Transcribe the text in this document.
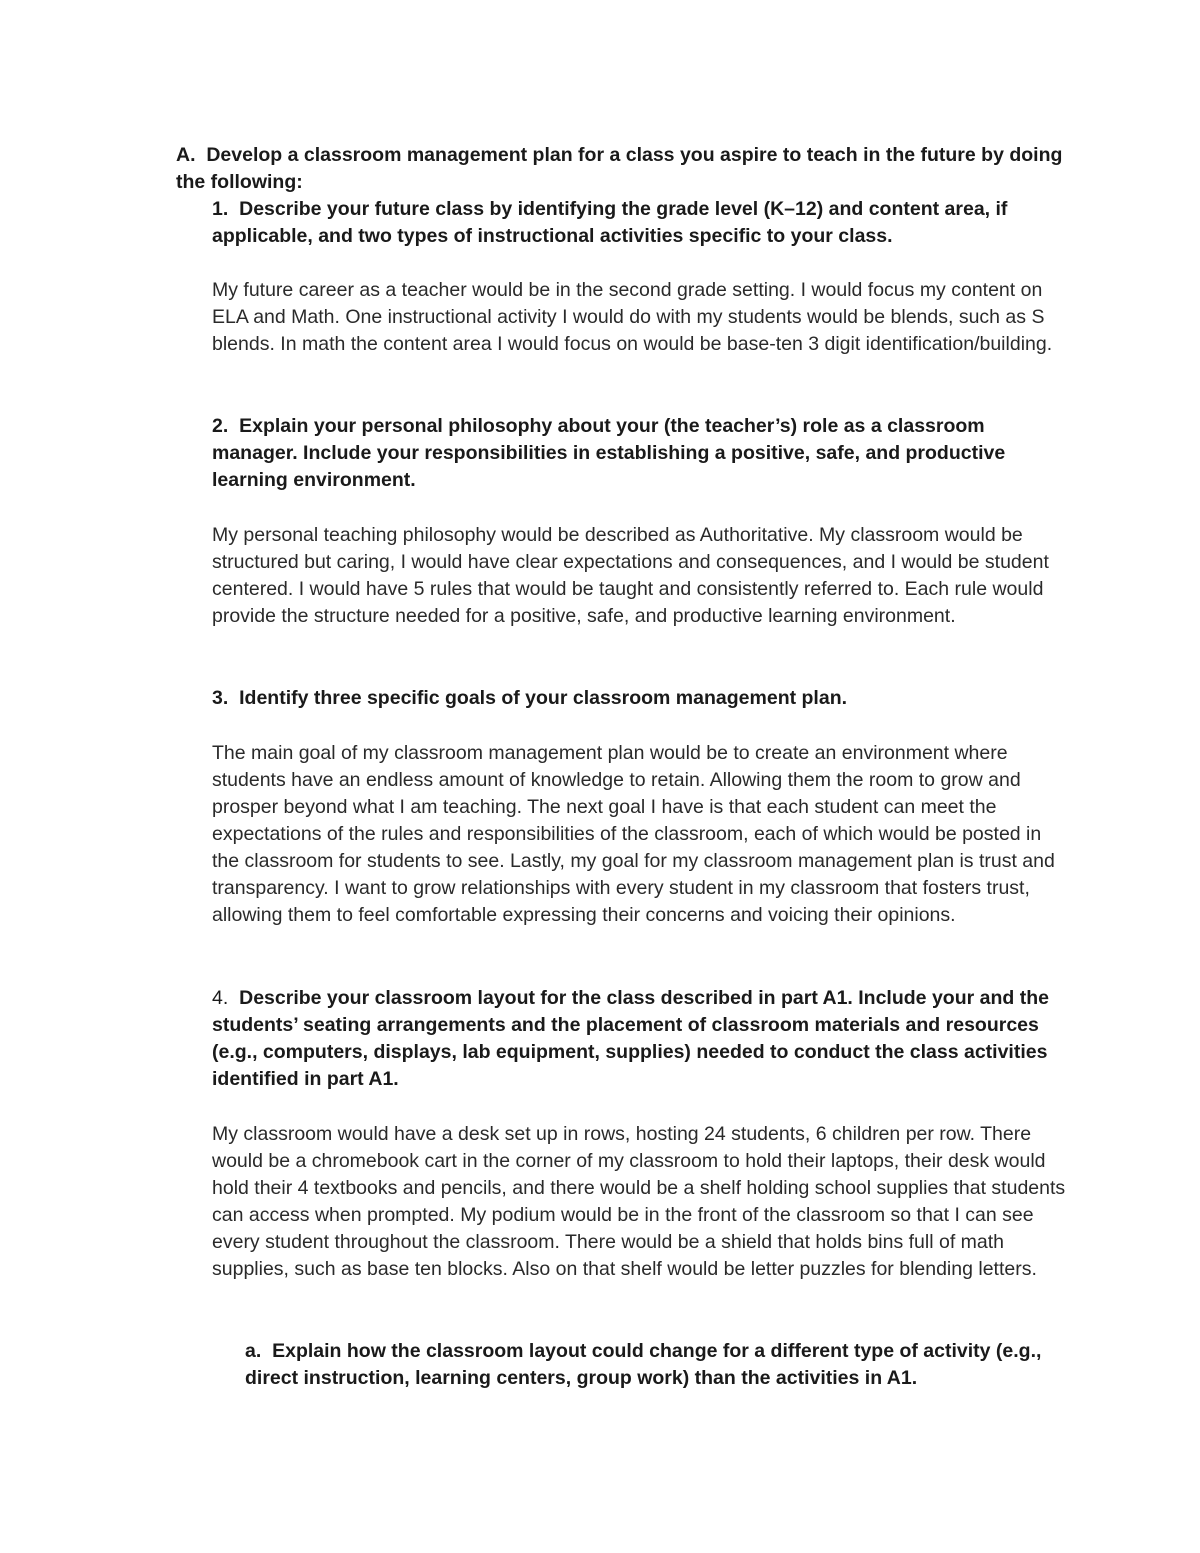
A. Develop a classroom management plan for a class you aspire to teach in the future by doing the following:

1. Describe your future class by identifying the grade level (K–12) and content area, if applicable, and two types of instructional activities specific to your class.

My future career as a teacher would be in the second grade setting. I would focus my content on ELA and Math. One instructional activity I would do with my students would be blends, such as S blends. In math the content area I would focus on would be base-ten 3 digit identification/building.

2. Explain your personal philosophy about your (the teacher’s) role as a classroom manager. Include your responsibilities in establishing a positive, safe, and productive learning environment.

My personal teaching philosophy would be described as Authoritative. My classroom would be structured but caring, I would have clear expectations and consequences, and I would be student centered. I would have 5 rules that would be taught and consistently referred to. Each rule would provide the structure needed for a positive, safe, and productive learning environment.

3. Identify three specific goals of your classroom management plan.

The main goal of my classroom management plan would be to create an environment where students have an endless amount of knowledge to retain. Allowing them the room to grow and prosper beyond what I am teaching. The next goal I have is that each student can meet the expectations of the rules and responsibilities of the classroom, each of which would be posted in the classroom for students to see. Lastly, my goal for my classroom management plan is trust and transparency. I want to grow relationships with every student in my classroom that fosters trust, allowing them to feel comfortable expressing their concerns and voicing their opinions.

4. Describe your classroom layout for the class described in part A1. Include your and the students’ seating arrangements and the placement of classroom materials and resources (e.g., computers, displays, lab equipment, supplies) needed to conduct the class activities identified in part A1.

My classroom would have a desk set up in rows, hosting 24 students, 6 children per row. There would be a chromebook cart in the corner of my classroom to hold their laptops, their desk would hold their 4 textbooks and pencils, and there would be a shelf holding school supplies that students can access when prompted. My podium would be in the front of the classroom so that I can see every student throughout the classroom. There would be a shield that holds bins full of math supplies, such as base ten blocks. Also on that shelf would be letter puzzles for blending letters.

a. Explain how the classroom layout could change for a different type of activity (e.g., direct instruction, learning centers, group work) than the activities in A1.
